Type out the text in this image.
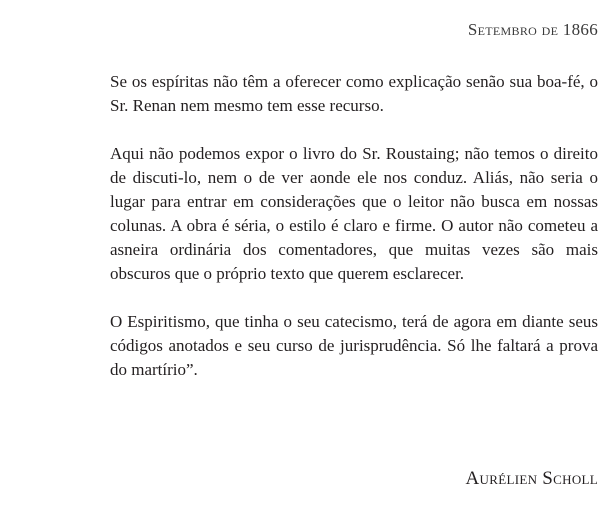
Setembro de 1866

Se os espíritas não têm a oferecer como explicação senão sua boa-fé, o Sr. Renan nem mesmo tem esse recurso.

Aqui não podemos expor o livro do Sr. Roustaing; não temos o direito de discuti-lo, nem o de ver aonde ele nos conduz. Aliás, não seria o lugar para entrar em considerações que o leitor não busca em nossas colunas. A obra é séria, o estilo é claro e firme. O autor não cometeu a asneira ordinária dos comentadores, que muitas vezes são mais obscuros que o próprio texto que querem esclarecer.

O Espiritismo, que tinha o seu catecismo, terá de agora em diante seus códigos anotados e seu curso de jurisprudência. Só lhe faltará a prova do martírio”.

Aurélien Scholl
